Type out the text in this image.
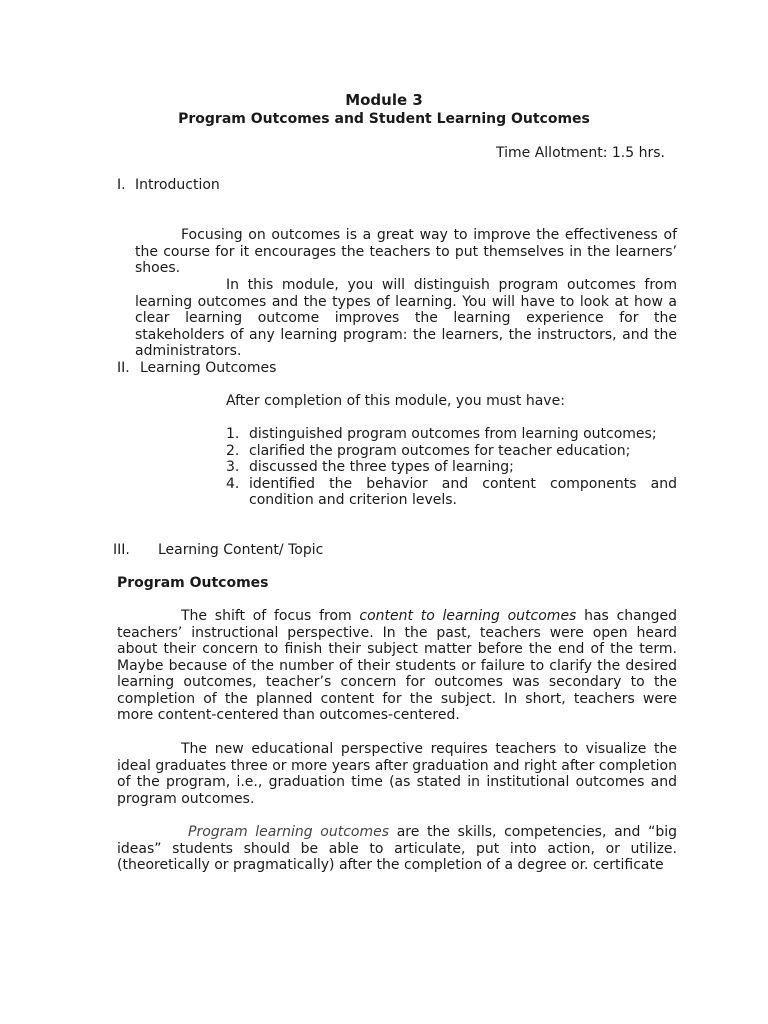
Module 3
Program Outcomes and Student Learning Outcomes
Time Allotment: 1.5 hrs.
I. Introduction
Focusing on outcomes is a great way to improve the effectiveness of the course for it encourages the teachers to put themselves in the learners’ shoes.
In this module, you will distinguish program outcomes from learning outcomes and the types of learning. You will have to look at how a clear learning outcome improves the learning experience for the stakeholders of any learning program: the learners, the instructors, and the administrators.
II. Learning Outcomes
After completion of this module, you must have:
1. distinguished program outcomes from learning outcomes;
2. clarified the program outcomes for teacher education;
3. discussed the three types of learning;
4. identified the behavior and content components and condition and criterion levels.
III. Learning Content/ Topic
Program Outcomes
The shift of focus from content to learning outcomes has changed teachers’ instructional perspective. In the past, teachers were open heard about their concern to finish their subject matter before the end of the term. Maybe because of the number of their students or failure to clarify the desired learning outcomes, teacher’s concern for outcomes was secondary to the completion of the planned content for the subject. In short, teachers were more content-centered than outcomes-centered.
The new educational perspective requires teachers to visualize the ideal graduates three or more years after graduation and right after completion of the program, i.e., graduation time (as stated in institutional outcomes and program outcomes.
Program learning outcomes are the skills, competencies, and “big ideas” students should be able to articulate, put into action, or utilize. (theoretically or pragmatically) after the completion of a degree or. certificate
